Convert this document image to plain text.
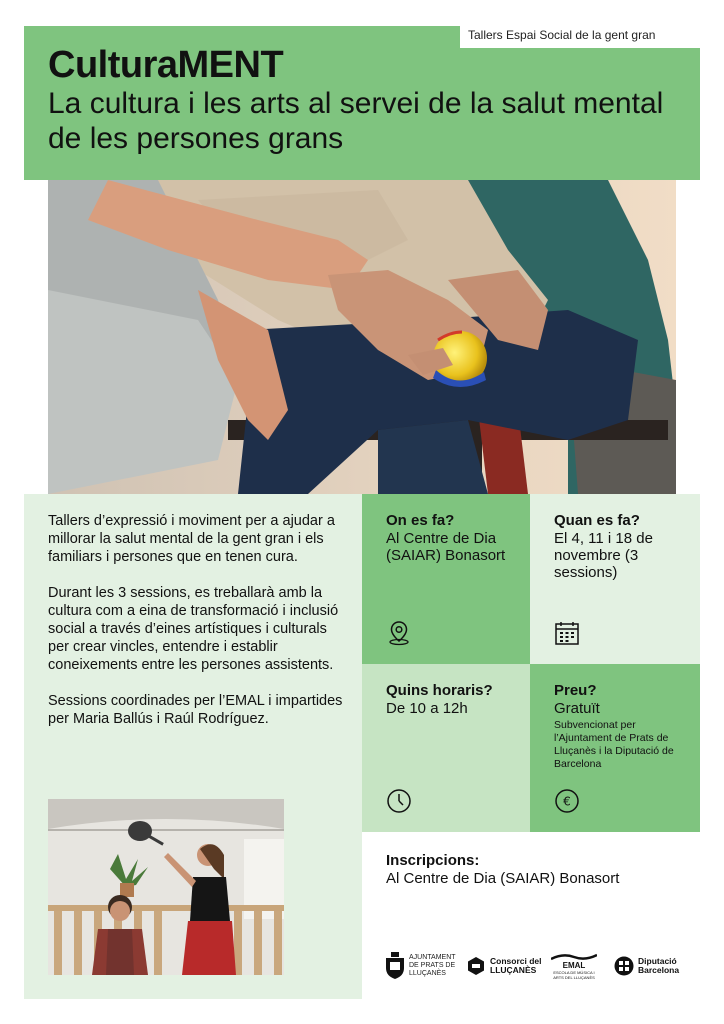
CulturaMENT
La cultura i les arts al servei de la salut mental de les persones grans
Tallers Espai Social de la gent gran

Tallers d’expressió i moviment per a ajudar a millorar la salut mental de la gent gran i els familiars i persones que en tenen cura.

Durant les 3 sessions, es treballarà amb la cultura com a eina de transformació i inclusió social a través d’eines artístiques i culturals per crear vincles, entendre i establir coneixements entre les persones assistents.

Sessions coordinades per l’EMAL i impartides per Maria Ballús i Raúl Rodríguez.

On es fa?
Al Centre de Dia (SAIAR) Bonasort
Quan es fa?
El 4, 11 i 18 de novembre (3 sessions)
Quins horaris?
De 10 a 12h
Preu?
Gratuït
Subvencionat per l’Ajuntament de Prats de Lluçanès i la Diputació de Barcelona
€
Inscripcions:
Al Centre de Dia (SAIAR) Bonasort
AJUNTAMENT DE PRATS DE LLUÇANÈS
Consorci del
LLUÇANÈS	EMAL
ESCOLA DE MÚSICA I ARTS DEL LLUÇANÈS
Diputació
Barcelona
